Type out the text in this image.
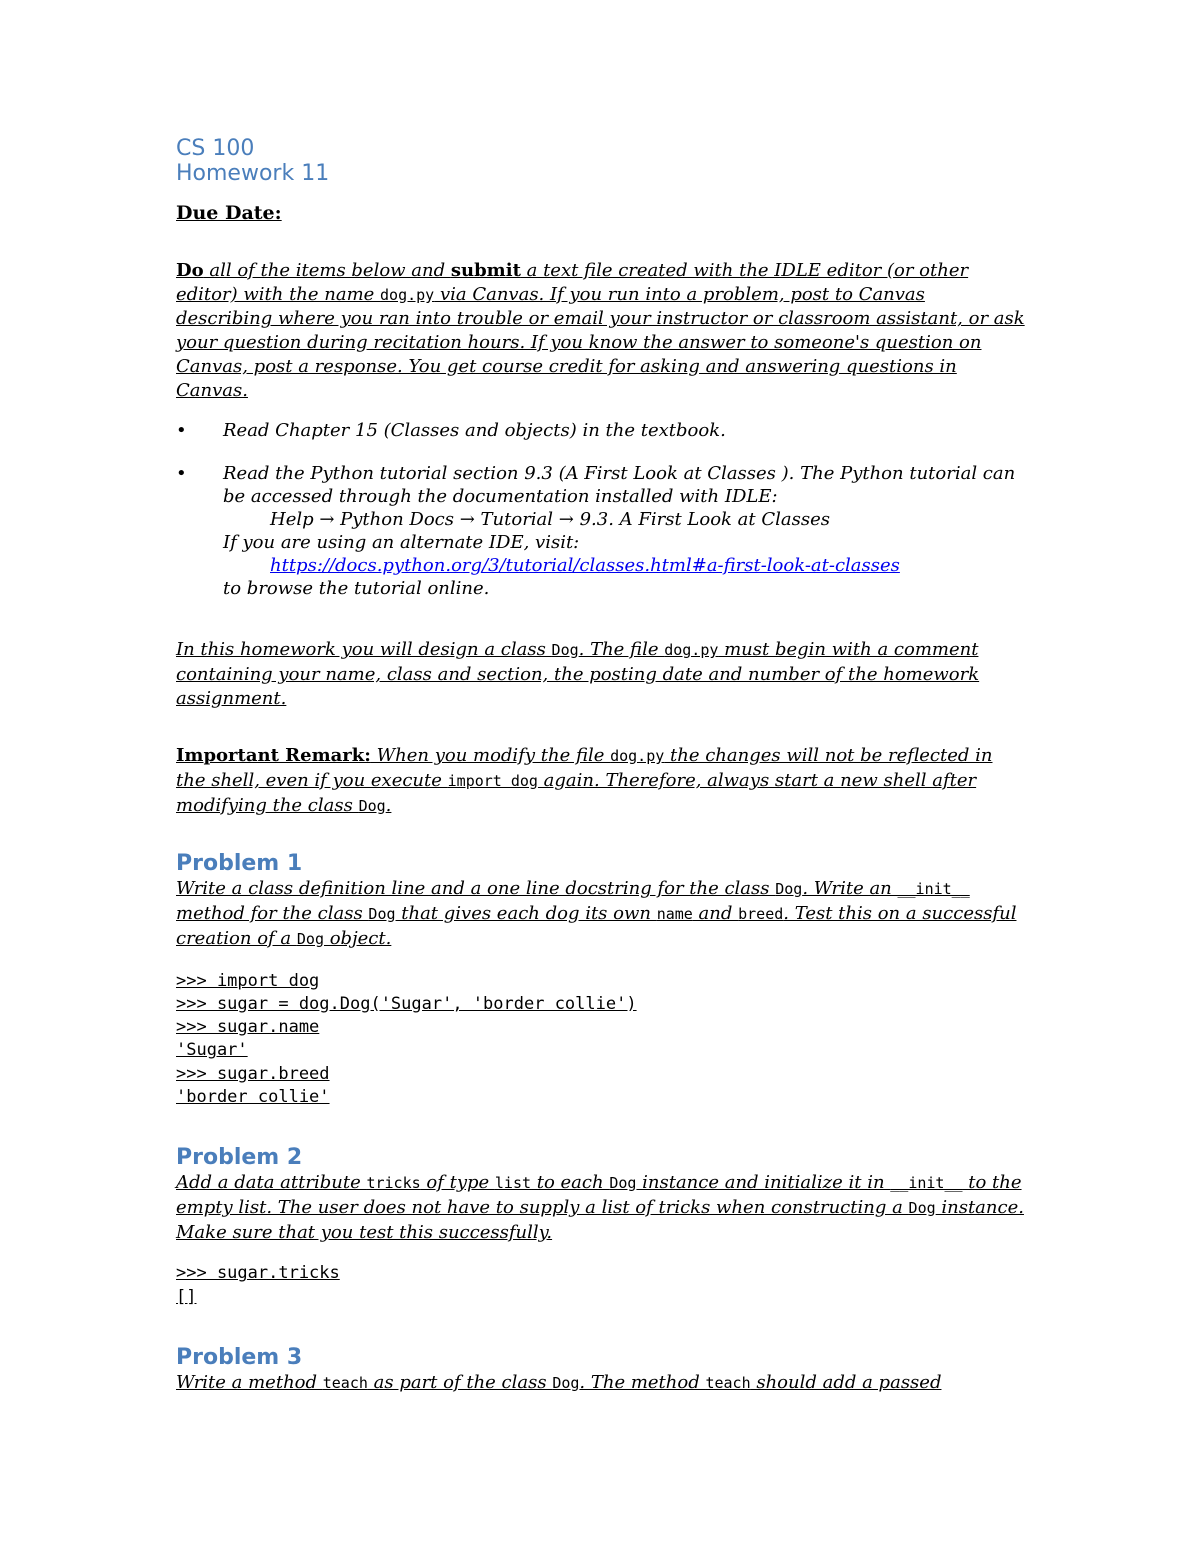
CS 100
Homework 11
Due Date:

Do all of the items below and submit a text file created with the IDLE editor (or other editor) with the name dog.py via Canvas. If you run into a problem, post to Canvas describing where you ran into trouble or email your instructor or classroom assistant, or ask your question during recitation hours. If you know the answer to someone's question on Canvas, post a response. You get course credit for asking and answering questions in Canvas.

• Read Chapter 15 (Classes and objects) in the textbook.
• Read the Python tutorial section 9.3 (A First Look at Classes ). The Python tutorial can be accessed through the documentation installed with IDLE:
Help → Python Docs → Tutorial → 9.3. A First Look at Classes
If you are using an alternate IDE, visit:
https://docs.python.org/3/tutorial/classes.html#a-first-look-at-classes
to browse the tutorial online.

In this homework you will design a class Dog. The file dog.py must begin with a comment containing your name, class and section, the posting date and number of the homework assignment.

Important Remark: When you modify the file dog.py the changes will not be reflected in the shell, even if you execute import dog again. Therefore, always start a new shell after modifying the class Dog.

Problem 1

Write a class definition line and a one line docstring for the class Dog. Write an __init__ method for the class Dog that gives each dog its own name and breed. Test this on a successful creation of a Dog object.

>>> import dog
>>> sugar = dog.Dog('Sugar', 'border collie')
>>> sugar.name
'Sugar'
>>> sugar.breed
'border collie'
Problem 2

Add a data attribute tricks of type list to each Dog instance and initialize it in __init__ to the empty list. The user does not have to supply a list of tricks when constructing a Dog instance. Make sure that you test this successfully.

>>> sugar.tricks
[]
Problem 3

Write a method teach as part of the class Dog. The method teach should add a passed
